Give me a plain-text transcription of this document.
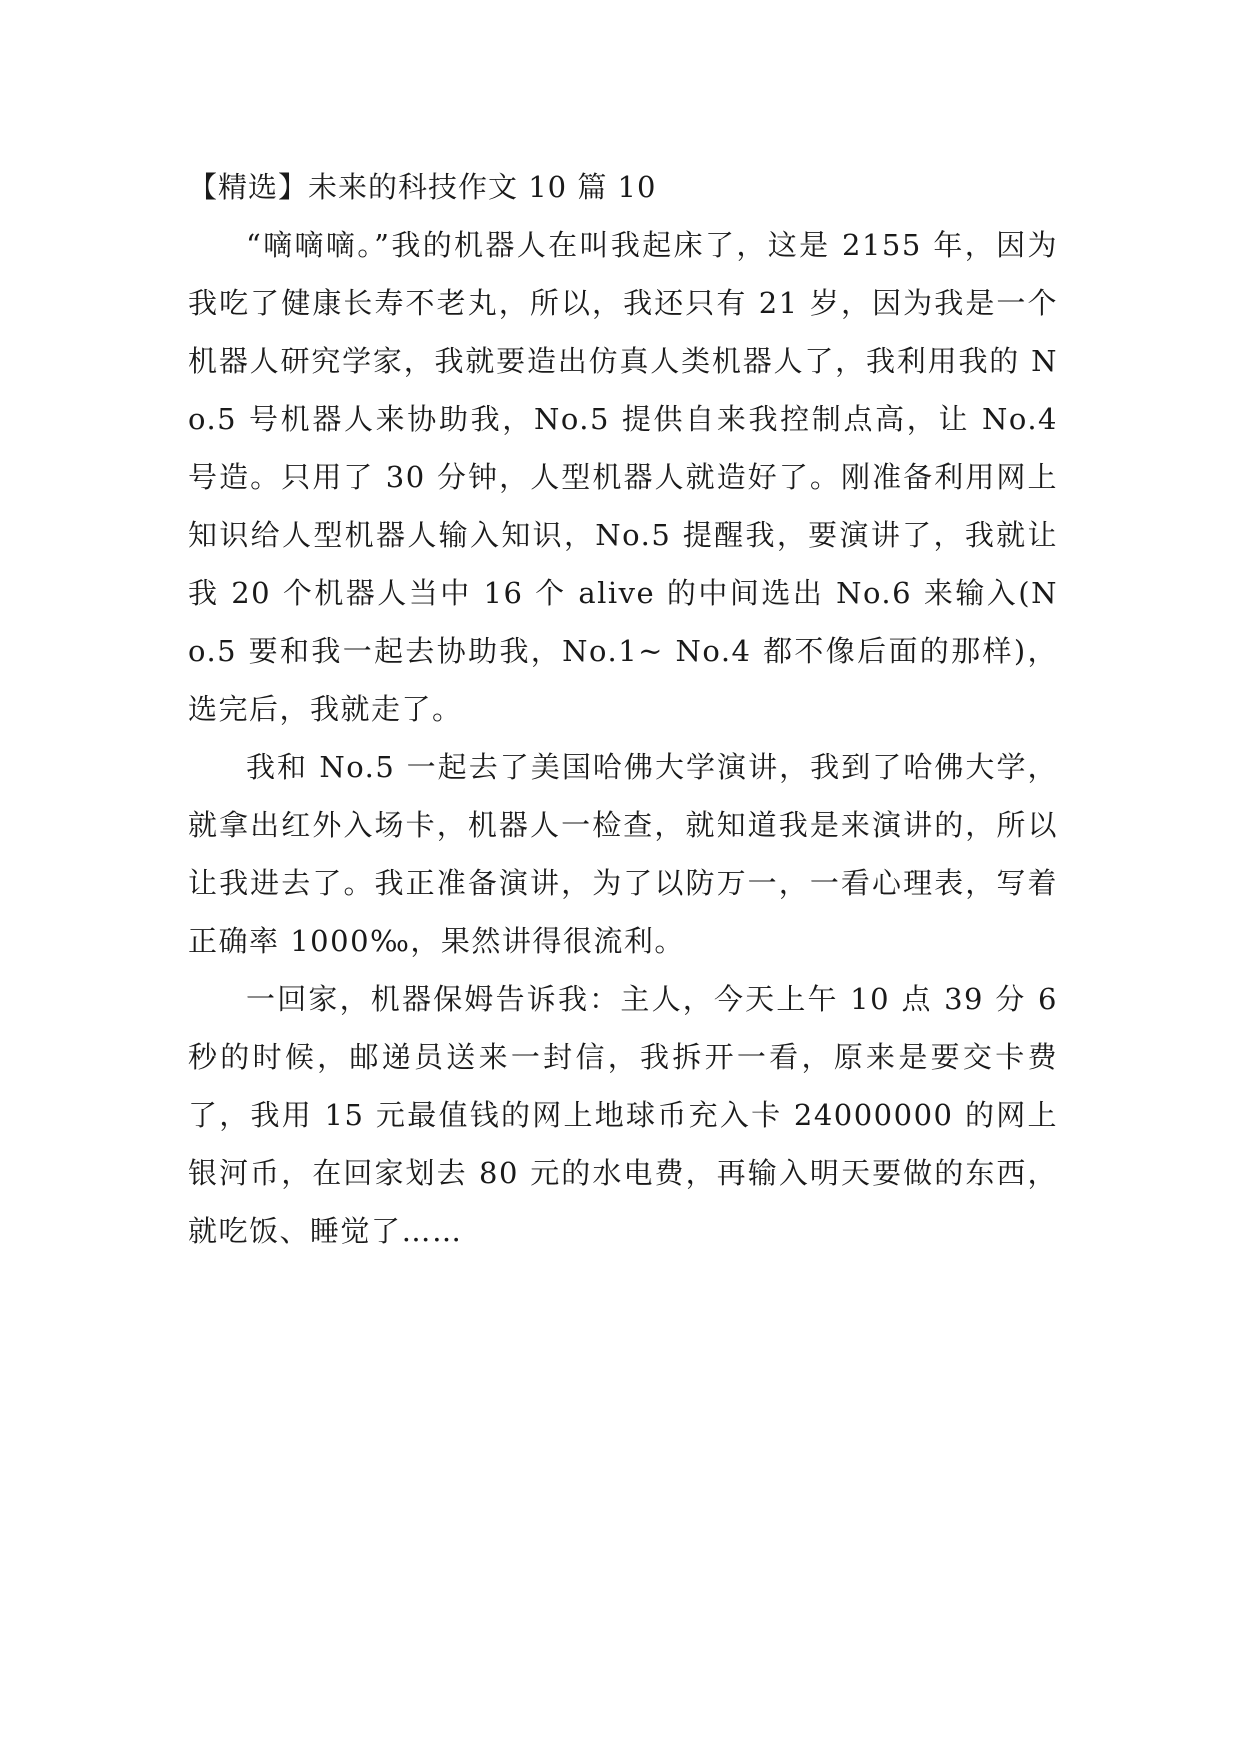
【精选】未来的科技作文 10 篇 10

“嘀嘀嘀。”我的机器人在叫我起床了，这是 2155 年，因为我吃了健康长寿不老丸，所以，我还只有 21 岁，因为我是一个机器人研究学家，我就要造出仿真人类机器人了，我利用我的 No.5 号机器人来协助我，No.5 提供自来我控制点高，让 No.4 号造。只用了 30 分钟，人型机器人就造好了。刚准备利用网上知识给人型机器人输入知识，No.5 提醒我，要演讲了，我就让我 20 个机器人当中 16 个 alive 的中间选出 No.6 来输入(No.5 要和我一起去协助我，No.1~ No.4 都不像后面的那样)，选完后，我就走了。

我和 No.5 一起去了美国哈佛大学演讲，我到了哈佛大学，就拿出红外入场卡，机器人一检查，就知道我是来演讲的，所以让我进去了。我正准备演讲，为了以防万一，一看心理表，写着正确率 1000‰，果然讲得很流利。

一回家，机器保姆告诉我：主人，今天上午 10 点 39 分 6 秒的时候，邮递员送来一封信，我拆开一看，原来是要交卡费了，我用 15 元最值钱的网上地球币充入卡 24000000 的网上银河币，在回家划去 80 元的水电费，再输入明天要做的东西，就吃饭、睡觉了……
